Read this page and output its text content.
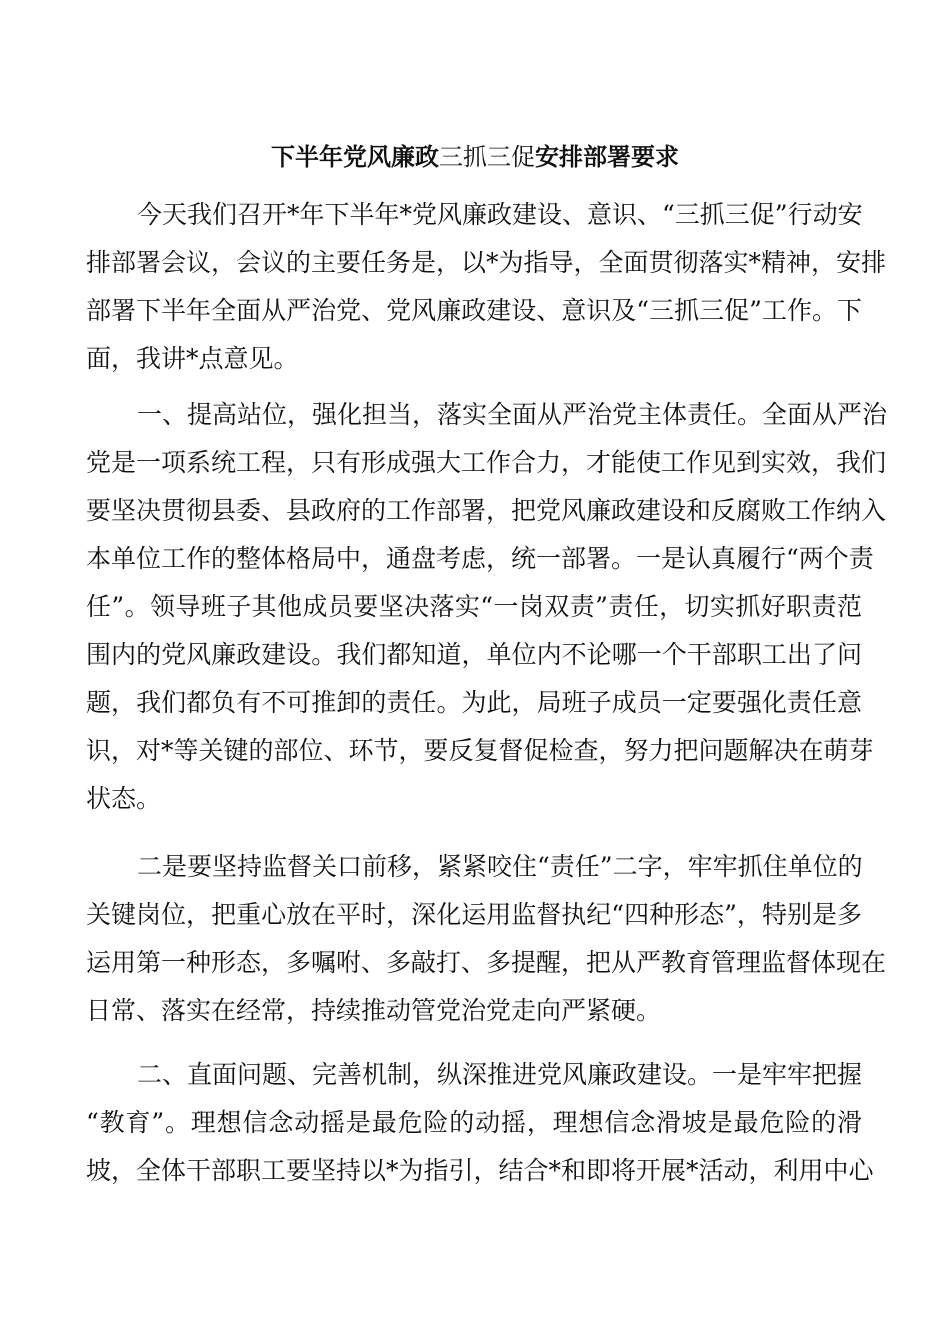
下半年党风廉政三抓三促安排部署要求
今天我们召开*年下半年*党风廉政建设、意识、“三抓三促”行动安
排部署会议，会议的主要任务是，以*为指导，全面贯彻落实*精神，安排
部署下半年全面从严治党、党风廉政建设、意识及“三抓三促”工作。下
面，我讲*点意见。
一、提高站位，强化担当，落实全面从严治党主体责任。全面从严治
党是一项系统工程，只有形成强大工作合力，才能使工作见到实效，我们
要坚决贯彻县委、县政府的工作部署，把党风廉政建设和反腐败工作纳入
本单位工作的整体格局中，通盘考虑，统一部署。一是认真履行“两个责
任”。领导班子其他成员要坚决落实“一岗双责”责任，切实抓好职责范
围内的党风廉政建设。我们都知道，单位内不论哪一个干部职工出了问
题，我们都负有不可推卸的责任。为此，局班子成员一定要强化责任意
识，对*等关键的部位、环节，要反复督促检查，努力把问题解决在萌芽
状态。
二是要坚持监督关口前移，紧紧咬住“责任”二字，牢牢抓住单位的
关键岗位，把重心放在平时，深化运用监督执纪“四种形态”，特别是多
运用第一种形态，多嘱咐、多敲打、多提醒，把从严教育管理监督体现在
日常、落实在经常，持续推动管党治党走向严紧硬。
二、直面问题、完善机制，纵深推进党风廉政建设。一是牢牢把握
“教育”。理想信念动摇是最危险的动摇，理想信念滑坡是最危险的滑
坡，全体干部职工要坚持以*为指引，结合*和即将开展*活动，利用中心
